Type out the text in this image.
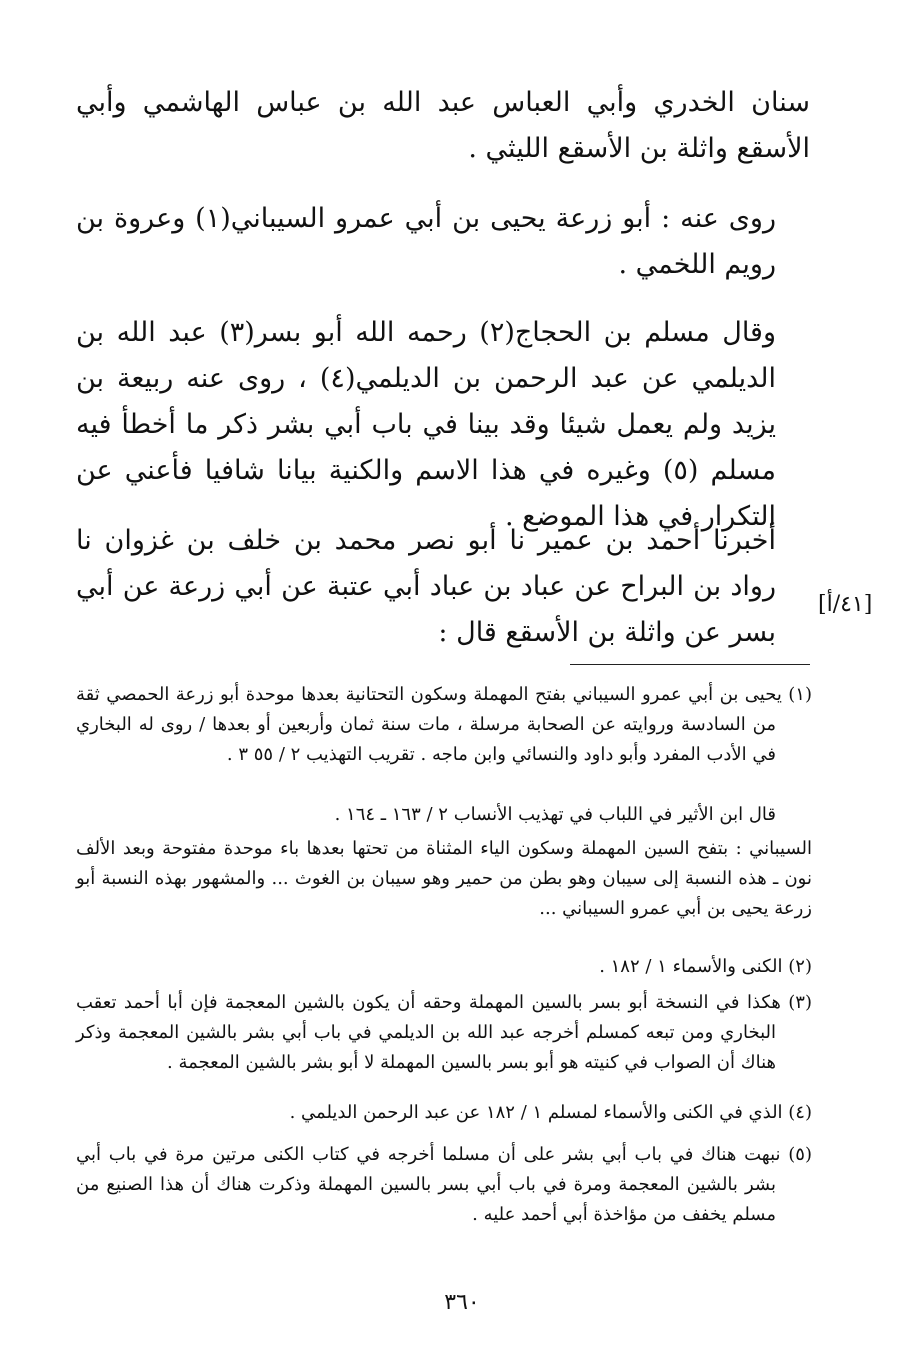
سنان الخدري وأبي العباس عبد الله بن عباس الهاشمي وأبي الأسقع واثلة بن الأسقع الليثي .

روى عنه : أبو زرعة يحيى بن أبي عمرو السيباني(١) وعروة بن رويم اللخمي .

وقال مسلم بن الحجاج(٢) رحمه الله أبو بسر(٣) عبد الله بن الديلمي عن عبد الرحمن بن الديلمي(٤) ، روى عنه ربيعة بن يزيد ولم يعمل شيئا وقد بينا في باب أبي بشر ذكر ما أخطأ فيه مسلم (٥) وغيره في هذا الاسم والكنية بيانا شافيا فأعني عن التكرار في هذا الموضع .

أخبرنا أحمد بن عمير نا أبو نصر محمد بن خلف بن غزوان نا رواد بن البراح عن عباد بن عباد أبي عتبة عن أبي زرعة عن أبي بسر عن واثلة بن الأسقع قال :

[٤١/أ]

(١) يحيى بن أبي عمرو السيباني بفتح المهملة وسكون التحتانية بعدها موحدة أبو زرعة الحمصي ثقة من السادسة وروايته عن الصحابة مرسلة ، مات سنة ثمان وأربعين أو بعدها / روى له البخاري في الأدب المفرد وأبو داود والنسائي وابن ماجه . تقريب التهذيب ٢ / ٥٥ ٣ .

قال ابن الأثير في اللباب في تهذيب الأنساب ٢ / ١٦٣ ـ ١٦٤ .

السيباني : بتفح السين المهملة وسكون الياء المثناة من تحتها بعدها باء موحدة مفتوحة وبعد الألف نون ـ هذه النسبة إلى سيبان وهو بطن من حمير وهو سيبان بن الغوث ... والمشهور بهذه النسبة أبو زرعة يحيى بن أبي عمرو السيباني ...

(٢) الكنى والأسماء ١ / ١٨٢ .

(٣) هكذا في النسخة أبو بسر بالسين المهملة وحقه أن يكون بالشين المعجمة فإن أبا أحمد تعقب البخاري ومن تبعه كمسلم أخرجه عبد الله بن الديلمي في باب أبي بشر بالشين المعجمة وذكر هناك أن الصواب في كنيته هو أبو بسر بالسين المهملة لا أبو بشر بالشين المعجمة .

(٤) الذي في الكنى والأسماء لمسلم ١ / ١٨٢ عن عبد الرحمن الديلمي .

(٥) نبهت هناك في باب أبي بشر على أن مسلما أخرجه في كتاب الكنى مرتين مرة في باب أبي بشر بالشين المعجمة ومرة في باب أبي بسر بالسين المهملة وذكرت هناك أن هذا الصنيع من مسلم يخفف من مؤاخذة أبي أحمد عليه .

٣٦٠
